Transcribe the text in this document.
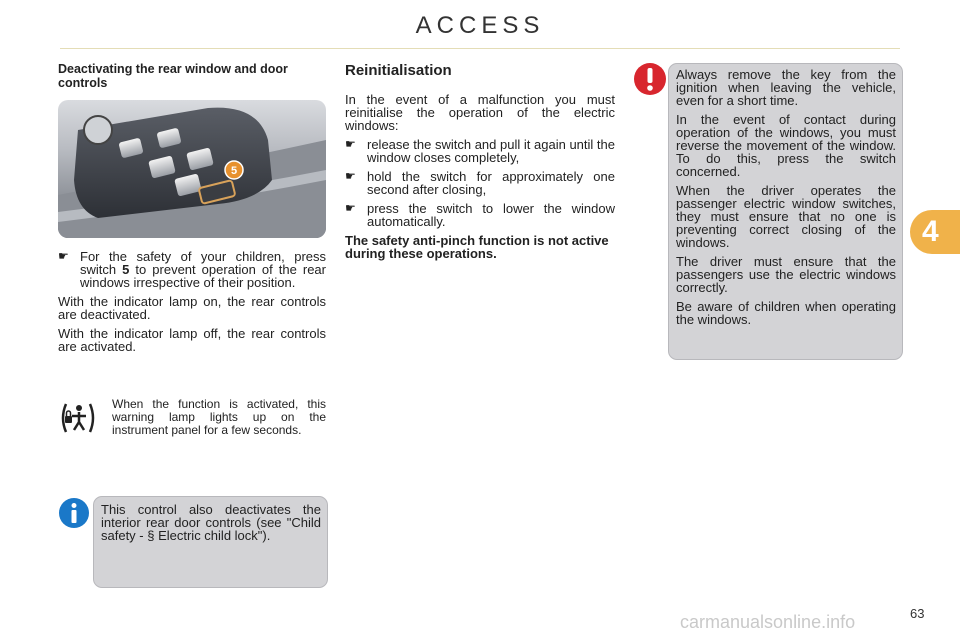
ACCESS

Deactivating the rear window and door controls

5
☛ For the safety of your children, press switch 5 to prevent operation of the rear windows irrespective of their position.

With the indicator lamp on, the rear controls are deactivated.

With the indicator lamp off, the rear controls are activated.

When the function is activated, this warning lamp lights up on the instrument panel for a few seconds.
This control also deactivates the interior rear door controls (see "Child safety - § Electric child lock").
Reinitialisation

In the event of a malfunction you must reinitialise the operation of the electric windows:

☛ release the switch and pull it again until the window closes completely,
☛ hold the switch for approximately one second after closing,
☛ press the switch to lower the window automatically.

The safety anti-pinch function is not active during these operations.

Always remove the key from the ignition when leaving the vehicle, even for a short time.

In the event of contact during operation of the windows, you must reverse the movement of the window. To do this, press the switch concerned.

When the driver operates the passenger electric window switches, they must ensure that no one is preventing correct closing of the windows.

The driver must ensure that the passengers use the electric windows correctly.

Be aware of children when operating the windows.

4
carmanualsonline.info	63
